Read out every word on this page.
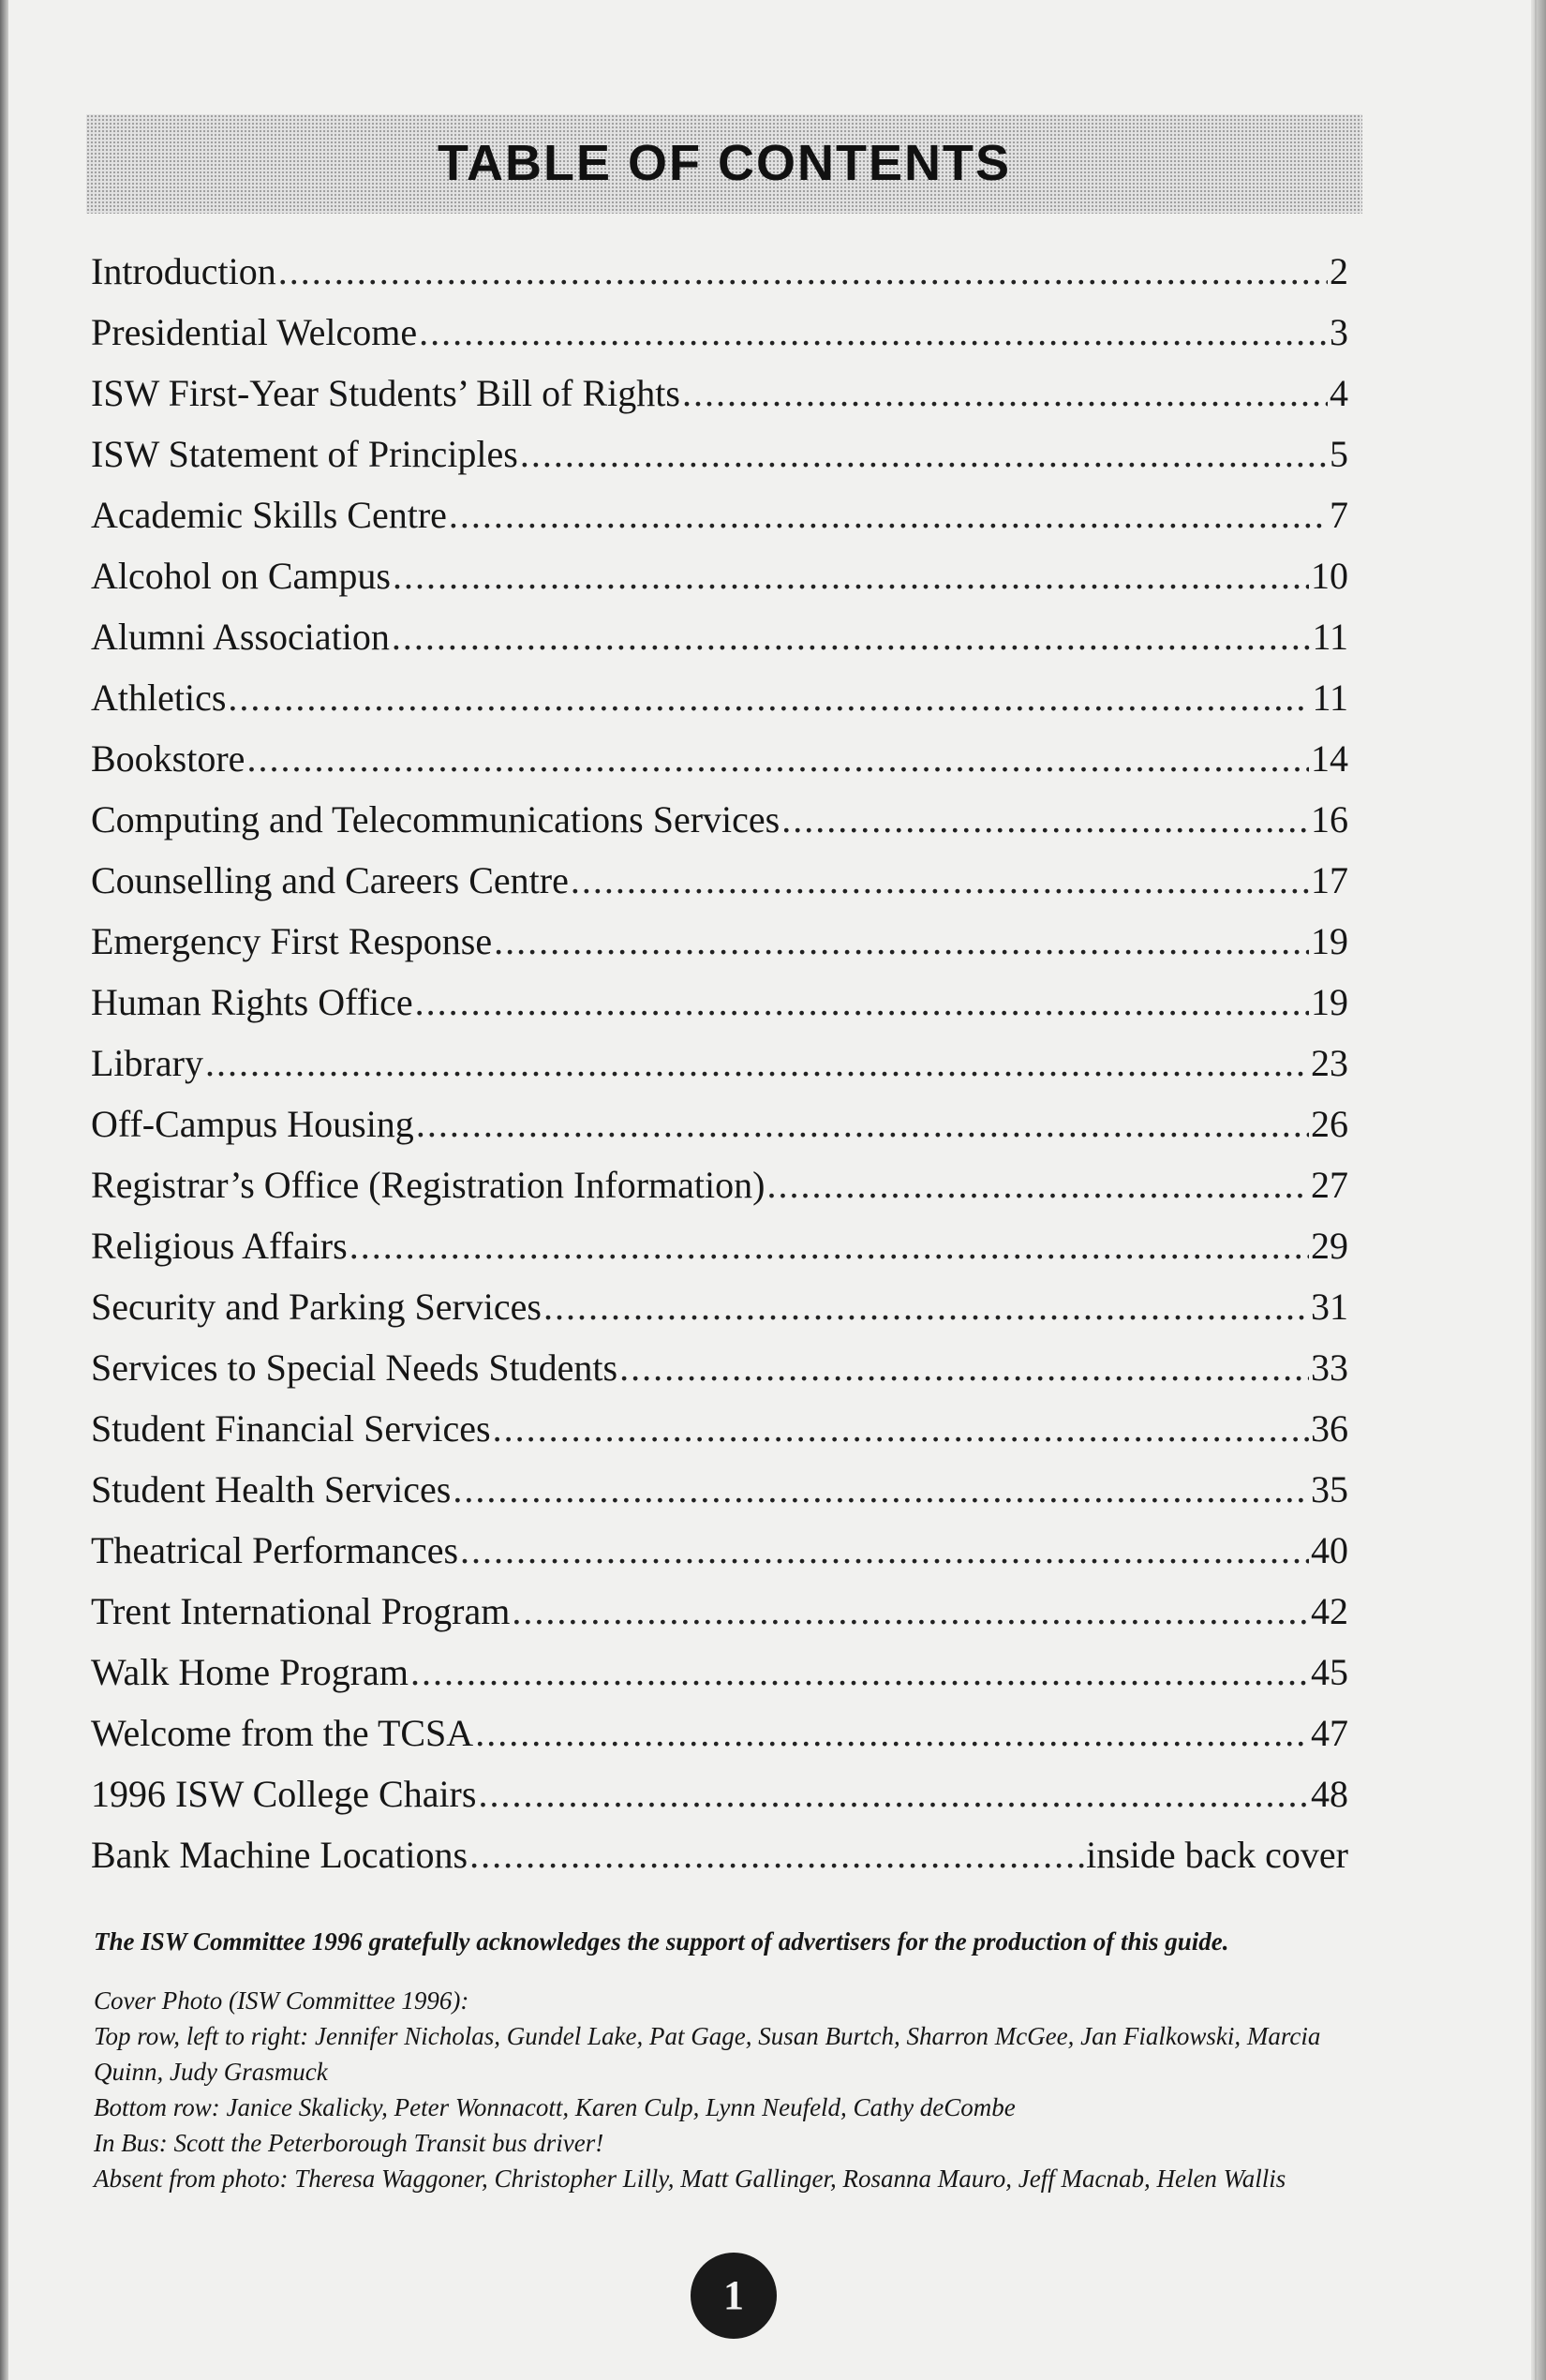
TABLE OF CONTENTS
Introduction .....	2
Presidential Welcome .....	3
ISW First-Year Students’ Bill of Rights .....	4
ISW Statement of Principles .....	5
Academic Skills Centre .....	7
Alcohol on Campus .....	10
Alumni Association .....	11
Athletics .....	11
Bookstore .....	14
Computing and Telecommunications Services .....	16
Counselling and Careers Centre .....	17
Emergency First Response .....	19
Human Rights Office .....	19
Library .....	23
Off-Campus Housing .....	26
Registrar’s Office (Registration Information) .....	27
Religious Affairs .....	29
Security and Parking Services .....	31
Services to Special Needs Students .....	33
Student Financial Services .....	36
Student Health Services .....	35
Theatrical Performances .....	40
Trent International Program .....	42
Walk Home Program .....	45
Welcome from the TCSA .....	47
1996 ISW College Chairs .....	48
Bank Machine Locations .....	inside back cover
The ISW Committee 1996 gratefully acknowledges the support of advertisers for the production of this guide.

Cover Photo (ISW Committee 1996):

Top row, left to right: Jennifer Nicholas, Gundel Lake, Pat Gage, Susan Burtch, Sharron McGee, Jan Fialkowski, Marcia Quinn, Judy Grasmuck

Bottom row: Janice Skalicky, Peter Wonnacott, Karen Culp, Lynn Neufeld, Cathy deCombe

In Bus: Scott the Peterborough Transit bus driver!

Absent from photo: Theresa Waggoner, Christopher Lilly, Matt Gallinger, Rosanna Mauro, Jeff Macnab, Helen Wallis

1
